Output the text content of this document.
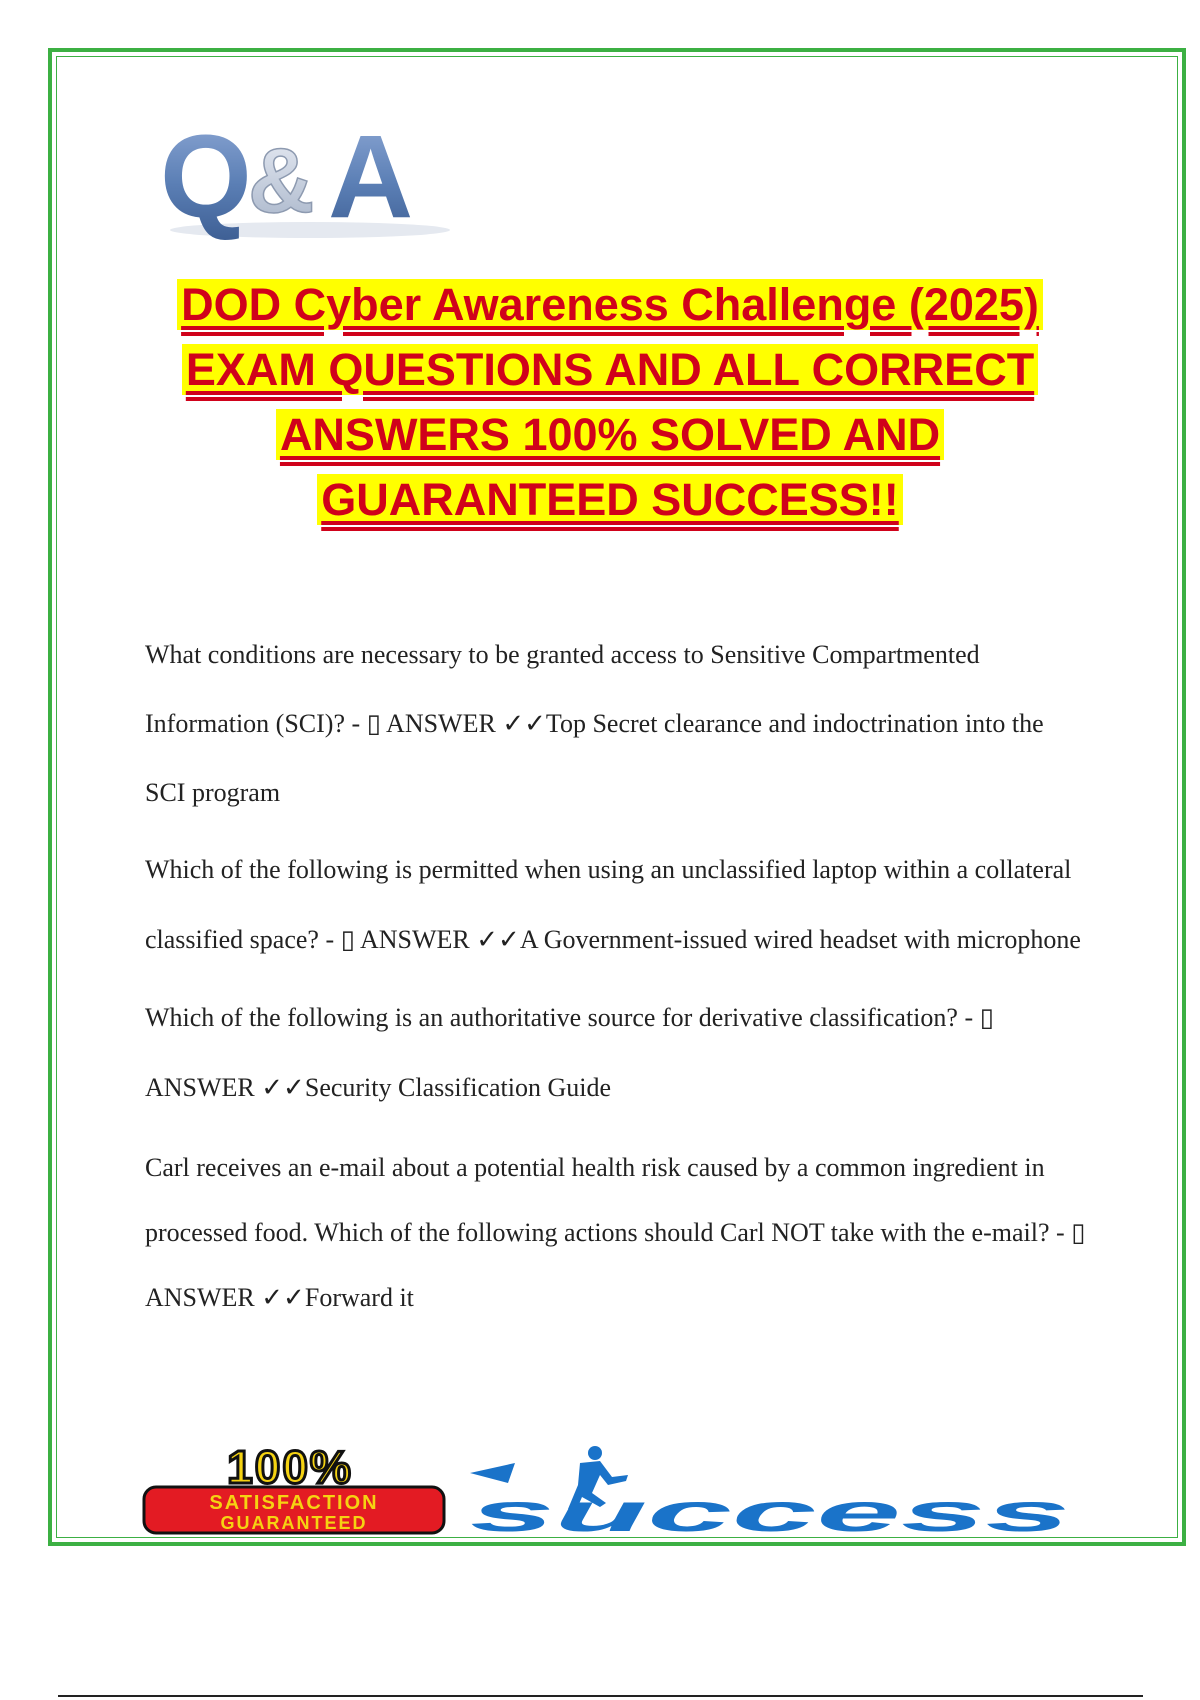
Q & A
DOD Cyber Awareness Challenge (2025)
EXAM QUESTIONS AND ALL CORRECT
ANSWERS 100% SOLVED AND
GUARANTEED SUCCESS!!

What conditions are necessary to be granted access to Sensitive Compartmented Information (SCI)? - ▯ ANSWER ✓✓Top Secret clearance and indoctrination into the SCI program

Which of the following is permitted when using an unclassified laptop within a collateral classified space? - ▯ ANSWER ✓✓A Government-issued wired headset with microphone

Which of the following is an authoritative source for derivative classification? - ▯ ANSWER ✓✓Security Classification Guide

Carl receives an e-mail about a potential health risk caused by a common ingredient in processed food. Which of the following actions should Carl NOT take with the e-mail? - ▯ ANSWER ✓✓Forward it

100%
SATISFACTION
GUARANTEED success
